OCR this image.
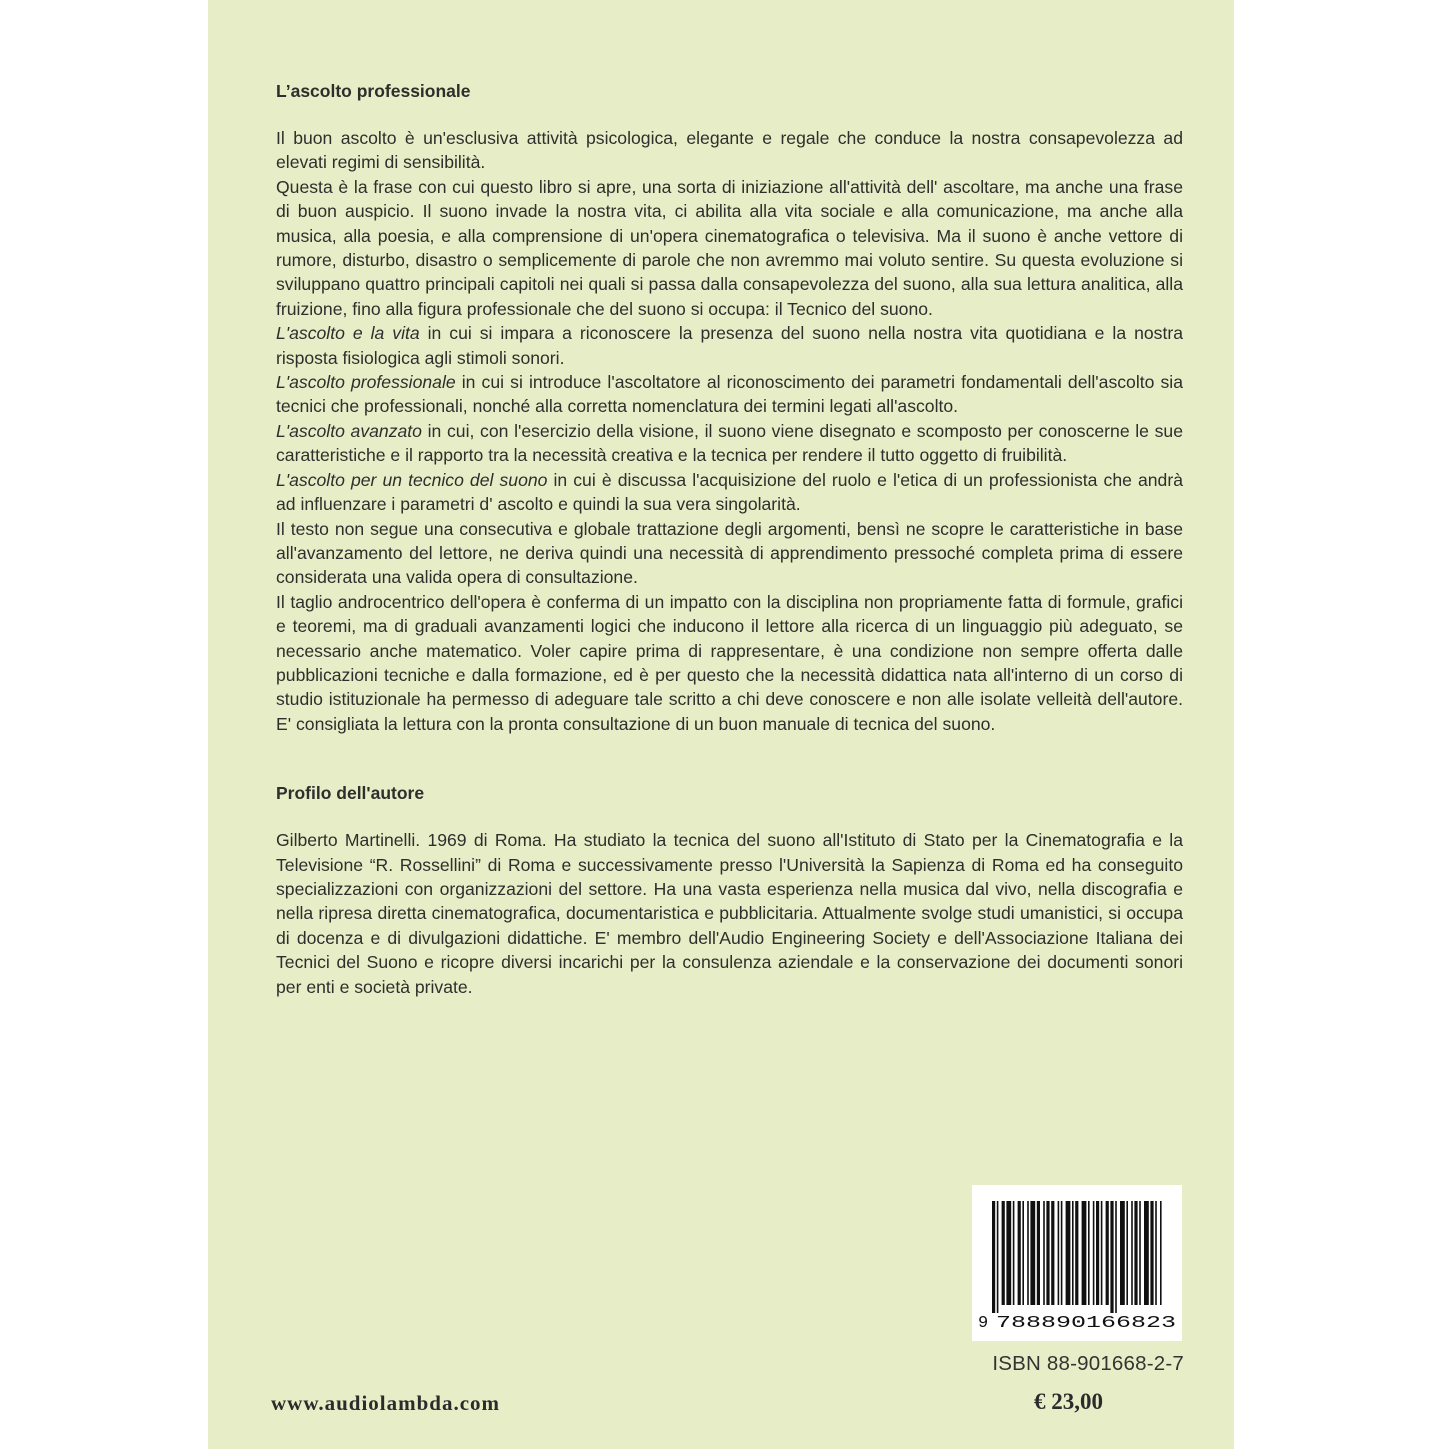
L’ascolto professionale

Il buon ascolto è un'esclusiva attività psicologica, elegante e regale che conduce la nostra consapevolezza ad elevati regimi di sensibilità.

Questa è la frase con cui questo libro si apre, una sorta di iniziazione all'attività dell' ascoltare, ma anche una frase di buon auspicio. Il suono invade la nostra vita, ci abilita alla vita sociale e alla comunicazione, ma anche alla musica, alla poesia, e alla comprensione di un'opera cinematografica o televisiva. Ma il suono è anche vettore di rumore, disturbo, disastro o semplicemente di parole che non avremmo mai voluto sentire. Su questa evoluzione si sviluppano quattro principali capitoli nei quali si passa dalla consapevolezza del suono, alla sua lettura analitica, alla fruizione, fino alla figura professionale che del suono si occupa: il Tecnico del suono.

L'ascolto e la vita in cui si impara a riconoscere la presenza del suono nella nostra vita quotidiana e la nostra risposta fisiologica agli stimoli sonori.

L'ascolto professionale in cui si introduce l'ascoltatore al riconoscimento dei parametri fondamentali dell'ascolto sia tecnici che professionali, nonché alla corretta nomenclatura dei termini legati all'ascolto.

L'ascolto avanzato in cui, con l'esercizio della visione, il suono viene disegnato e scomposto per conoscerne le sue caratteristiche e il rapporto tra la necessità creativa e la tecnica per rendere il tutto oggetto di fruibilità.

L'ascolto per un tecnico del suono in cui è discussa l'acquisizione del ruolo e l'etica di un professionista che andrà ad influenzare i parametri d' ascolto e quindi la sua vera singolarità.

Il testo non segue una consecutiva e globale trattazione degli argomenti, bensì ne scopre le caratteristiche in base all'avanzamento del lettore, ne deriva quindi una necessità di apprendimento pressoché completa prima di essere considerata una valida opera di consultazione.

Il taglio androcentrico dell'opera è conferma di un impatto con la disciplina non propriamente fatta di formule, grafici e teoremi, ma di graduali avanzamenti logici che inducono il lettore alla ricerca di un linguaggio più adeguato, se necessario anche matematico. Voler capire prima di rappresentare, è una condizione non sempre offerta dalle pubblicazioni tecniche e dalla formazione, ed è per questo che la necessità didattica nata all'interno di un corso di studio istituzionale ha permesso di adeguare tale scritto a chi deve conoscere e non alle isolate velleità dell'autore. E' consigliata la lettura con la pronta consultazione di un buon manuale di tecnica del suono.

Profilo dell'autore

Gilberto Martinelli. 1969 di Roma. Ha studiato la tecnica del suono all'Istituto di Stato per la Cinematografia e la Televisione “R. Rossellini” di Roma e successivamente presso l'Università la Sapienza di Roma ed ha conseguito specializzazioni con organizzazioni del settore. Ha una vasta esperienza nella musica dal vivo, nella discografia e nella ripresa diretta cinematografica, documentaristica e pubblicitaria. Attualmente svolge studi umanistici, si occupa di docenza e di divulgazioni didattiche. E' membro dell'Audio Engineering Society e dell'Associazione Italiana dei Tecnici del Suono e ricopre diversi incarichi per la consulenza aziendale e la conservazione dei documenti sonori per enti e società private.

9 788890166823
ISBN 88-901668-2-7
www.audiolambda.com	€ 23,00
